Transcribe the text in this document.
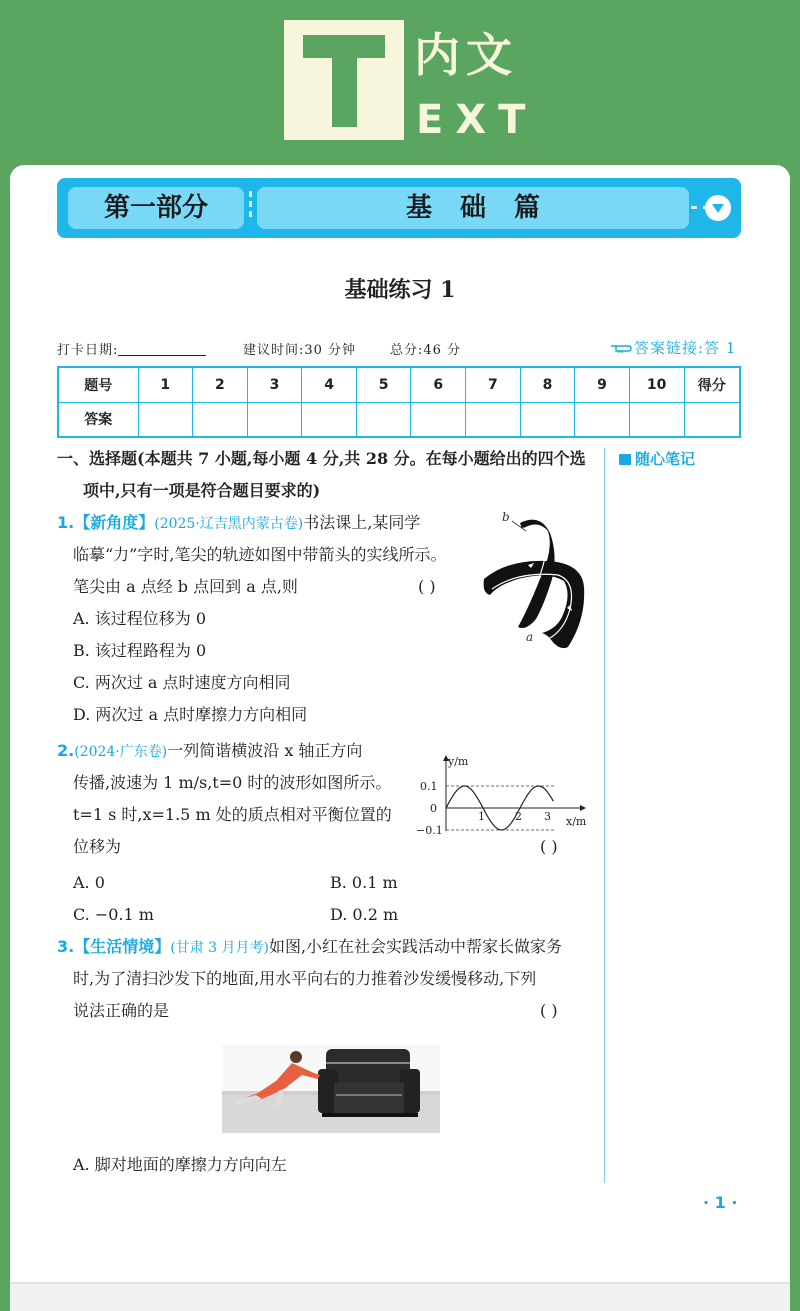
内文
EXT
第一部分	基础篇
基础练习 1
打卡日期:	建议时间:30 分钟	总分:46 分	答案链接:答 1
题号	1	2	3	4	5	6	7	8	9	10	得分
答案											
随心笔记
一、选择题(本题共 7 小题,每小题 4 分,共 28 分。在每小题给出的四个选
项中,只有一项是符合题目要求的)
1.【新角度】(2025·辽吉黑内蒙古卷)书法课上,某同学
临摹“力”字时,笔尖的轨迹如图中带箭头的实线所示。
笔尖由 a 点经 b 点回到 a 点,则	( )
A. 该过程位移为 0
B. 该过程路程为 0
C. 两次过 a 点时速度方向相同
D. 两次过 a 点时摩擦力方向相同
b
a
2.(2024·广东卷)一列简谐横波沿 x 轴正方向
传播,波速为 1 m/s,t=0 时的波形如图所示。
t=1 s 时,x=1.5 m 处的质点相对平衡位置的
位移为	( )
A. 0	B. 0.1 m
C. −0.1 m	D. 0.2 m
y/m
x/m
0.1
0
−0.1
1	2 3
3.【生活情境】(甘肃 3 月月考)如图,小红在社会实践活动中帮家长做家务
时,为了清扫沙发下的地面,用水平向右的力推着沙发缓慢移动,下列
说法正确的是	( )
A. 脚对地面的摩擦力方向向左
· 1 ·
